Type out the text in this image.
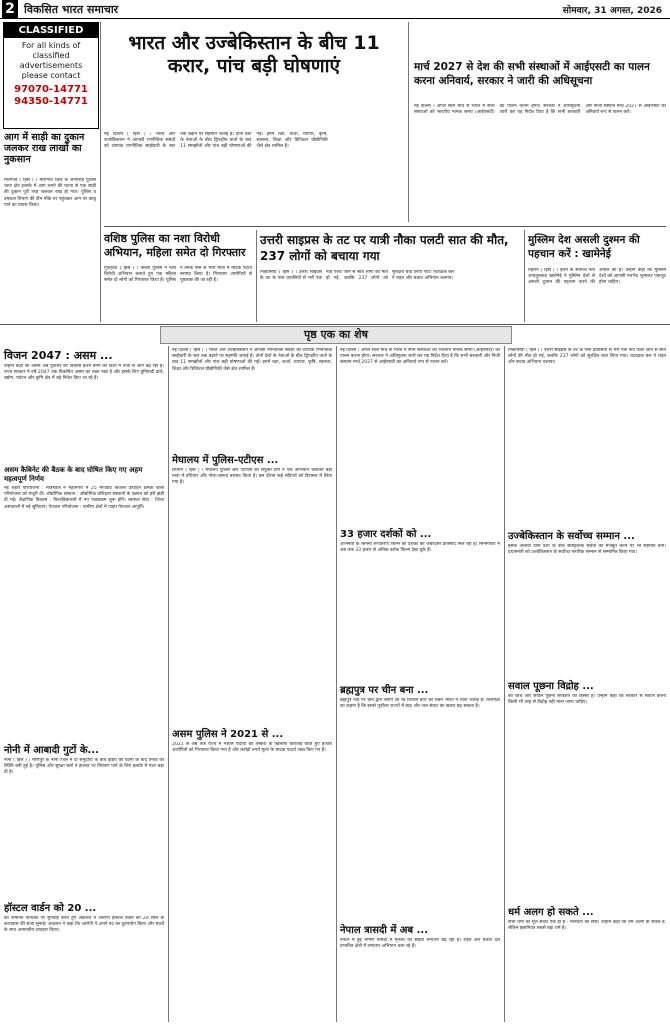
2 विकसित भारत समाचार	सोमवार, 31 अगस्त, 2026
CLASSIFIED
For all kinds of classified advertisements please contact
97070-14771
94350-14771
आग में साड़ी का दुकान जलकर राख लाखों का नुकसान
मोरीगांव ( हिंस ) । मोरीगांव जिले के जागीरोड पुलिस थाना क्षेत्र इलाके में आग लगने की घटना से एक साड़ी की दुकान पूरी तरह जलकर राख हो गया। पुलिस व दमकल विभाग की टीम मौके पर पहुंचकर आग पर काबू पाने का प्रयास किया।
भारत और उज्बेकिस्तान के बीच 11 करार, पांच बड़ी घोषणाएं
नई दिल्ली ( हिंस ) । भारत और उज्बेकिस्तान ने आपसी रणनीतिक संबंधों को व्यापक रणनीतिक साझेदारी के स्तर तक बढ़ाने पर सहमति जताई है। दोनों देशों के नेताओं के बीच द्विपक्षीय वार्ता के बाद 11 समझौतों और पांच बड़ी घोषणाओं की गई। इनमें रक्षा, ऊर्जा, व्यापार, कृषि, स्वास्थ्य, शिक्षा और डिजिटल प्रौद्योगिकी जैसे क्षेत्र शामिल हैं।
मार्च 2027 से देश की सभी संस्थाओं में आईएसटी का पालन करना अनिवार्य, सरकार ने जारी की अधिसूचना
नई दिल्ली । अगले साल मार्च से भारत में सभी संस्थाओं को भारतीय मानक समय (आईएसटी) का पालन करना होगा। सरकार ने अधिसूचना जारी कर यह निर्देश दिया है कि सभी सरकारी और निजी संस्थान मार्च 2027 से आईएसटी का अनिवार्य रूप से पालन करें।
वशिष्ठ पुलिस का नशा विरोधी अभियान, महिला समेत दो गिरफ्तार
गुवाहाटी ( हिंस ) । वशिष्ठ पुलिस ने नशा विरोधी अभियान चलाते हुए एक महिला समेत दो लोगों को गिरफ्तार किया है। पुलिस ने उनके पास से भारी मात्रा में मादक पदार्थ बरामद किया है। गिरफ्तार आरोपियों से पूछताछ की जा रही है।
उत्तरी साइप्रस के तट पर यात्री नौका पलटी सात की मौत, 237 लोगों को बचाया गया
निकोसिया ( हिंस ) । उत्तरी साइप्रस के तट के पास प्रवासियों से भरी एक नाव पलट जाने से सात लोगों की मौत हो गई, जबकि 237 लोगों को सुरक्षित बचा लिया गया। तटरक्षक बल ने राहत और बचाव अभियान चलाया।
मुस्लिम देश असली दुश्मन की पहचान करें : खामेनेई
तेहरान ( हिंस ) । ईरान के सर्वोच्च नेता आयतुल्लाह खामेनेई ने मुस्लिम देशों से असली दुश्मन की पहचान करने की अपील की है। उन्होंने कहा कि मुस्लिम देशों को आपसी मतभेद भुलाकर एकजुट होना चाहिए।
पृष्ठ एक का शेष
विजन 2047 : असम ...
उन्होंने कहा कि असम अब पूर्वोत्तर का विकास इंजन बनने की दिशा में तेजी से आगे बढ़ रहा है। राज्य सरकार ने वर्ष 2047 तक विकसित असम का लक्ष्य रखा है और इसके लिए बुनियादी ढांचे, उद्योग, पर्यटन और कृषि क्षेत्र में बड़े निवेश किए जा रहे हैं।
असम कैबिनेट की बैठक के बाद घोषित किए गए अहम महत्वपूर्ण निर्णय
नई शहरी परियोजना : मंत्रिमंडल ने महानगरों में 25 मेगावाट बिजली उत्पादन क्षमता वाली परियोजना को मंजूरी दी। औद्योगिक संस्थान : औद्योगिक प्रशिक्षण संस्थानों के उन्नयन को हरी झंडी दी गई। शैक्षणिक विकास : विश्वविद्यालयों में नए पाठ्यक्रम शुरू होंगे। स्वास्थ्य सेवा : जिला अस्पतालों में नई सुविधाएं। पेयजल परियोजना : ग्रामीण क्षेत्रों में पाइप पेयजल आपूर्ति।
नोनी में आबादी गुटों के...
नोनी ( हिंस ) । मणिपुर के नोनी जिले में दो समुदायों के बीच झड़प की घटना के बाद तनाव की स्थिति बनी हुई है। पुलिस और सुरक्षा बलों ने हालात पर नियंत्रण पाने के लिए इलाके में गश्त बढ़ा दी है।
हॉस्टल वार्डन को 20 ...
की जमानत याचिका पर सुनवाई करते हुए अदालत ने आरोपी हॉस्टल वार्डन को 20 साल के कारावास की सजा सुनाई। अदालत ने कहा कि आरोपी ने अपने पद का दुरुपयोग किया और बच्चों के साथ अमानवीय व्यवहार किया।
नई दिल्ली ( हिंस ) । भारत और उज्बेकिस्तान ने आपसी रणनीतिक संबंधों को व्यापक रणनीतिक साझेदारी के स्तर तक बढ़ाने पर सहमति जताई है। दोनों देशों के नेताओं के बीच द्विपक्षीय वार्ता के बाद 11 समझौतों और पांच बड़ी घोषणाओं की गई। इनमें रक्षा, ऊर्जा, व्यापार, कृषि, स्वास्थ्य, शिक्षा और डिजिटल प्रौद्योगिकी जैसे क्षेत्र शामिल हैं।
मेघालय में पुलिस-एटीएस ...
शिलांग ( हिंस ) । मेघालय पुलिस और एटीएस की संयुक्त टीम ने एक अभियान चलाकर बड़ी मात्रा में हथियार और गोला-बारूद बरामद किया है। इस दौरान कई संदिग्धों को हिरासत में लिया गया है।
असम पुलिस ने 2021 से ...
2021 से अब तक राज्य में नशीले पदार्थों की तस्करी के खिलाफ कार्रवाई करते हुए हजारों आरोपियों को गिरफ्तार किया गया है और करोड़ों रुपये मूल्य के मादक पदार्थ जब्त किए गए हैं।
नई दिल्ली । अगले साल मार्च से भारत में सभी संस्थाओं को भारतीय मानक समय (आईएसटी) का पालन करना होगा। सरकार ने अधिसूचना जारी कर यह निर्देश दिया है कि सभी सरकारी और निजी संस्थान मार्च 2027 से आईएसटी का अनिवार्य रूप से पालन करें।
33 हजार दर्शकों को ...
अभिनेता के सिनेमा रूपांतरण फिल्म को दर्शकों का जबरदस्त प्रतिसाद मिल रहा है। सिनेमाघरों में अब तक 33 हजार से अधिक दर्शक फिल्म देख चुके हैं।
ब्रह्मपुत्र पर चीन बना ...
ब्रह्मपुत्र नदी पर चीन द्वारा बनाए जा रहे विशाल बांध को लेकर भारत ने चिंता जताई है। विशेषज्ञों का कहना है कि इससे पूर्वोत्तर राज्यों में बाढ़ और जल संकट का खतरा बढ़ सकता है।
नेपाल त्रासदी में अब ...
नेपाल में हुई भीषण त्रासदी में मृतकों की संख्या लगातार बढ़ रही है। राहत और बचाव दल प्रभावित क्षेत्रों में लगातार अभियान चला रहे हैं।
निकोसिया ( हिंस ) । उत्तरी साइप्रस के तट के पास प्रवासियों से भरी एक नाव पलट जाने से सात लोगों की मौत हो गई, जबकि 237 लोगों को सुरक्षित बचा लिया गया। तटरक्षक बल ने राहत और बचाव अभियान चलाया।
उज्बेकिस्तान के सर्वोच्च सम्मान ...
इसके अलावा दोनों देशों के बीच सांस्कृतिक संबंधों को मजबूत करने पर भी सहमति बनी। प्रधानमंत्री को उज्बेकिस्तान के सर्वोच्च नागरिक सम्मान से सम्मानित किया गया।
सवाल पूछना विद्रोह ...
की जांच और सवाल पूछना लोकतंत्र का हिस्सा है। उन्होंने कहा कि सरकार से सवाल करना किसी भी तरह से विद्रोह नहीं माना जाना चाहिए।
धर्म अलग हो सकते ...
सभी धर्मों का मूल संदेश एक ही है - मानवता की सेवा। उन्होंने कहा कि धर्म अलग हो सकते हैं, लेकिन इंसानियत सबसे बड़ा धर्म है।
